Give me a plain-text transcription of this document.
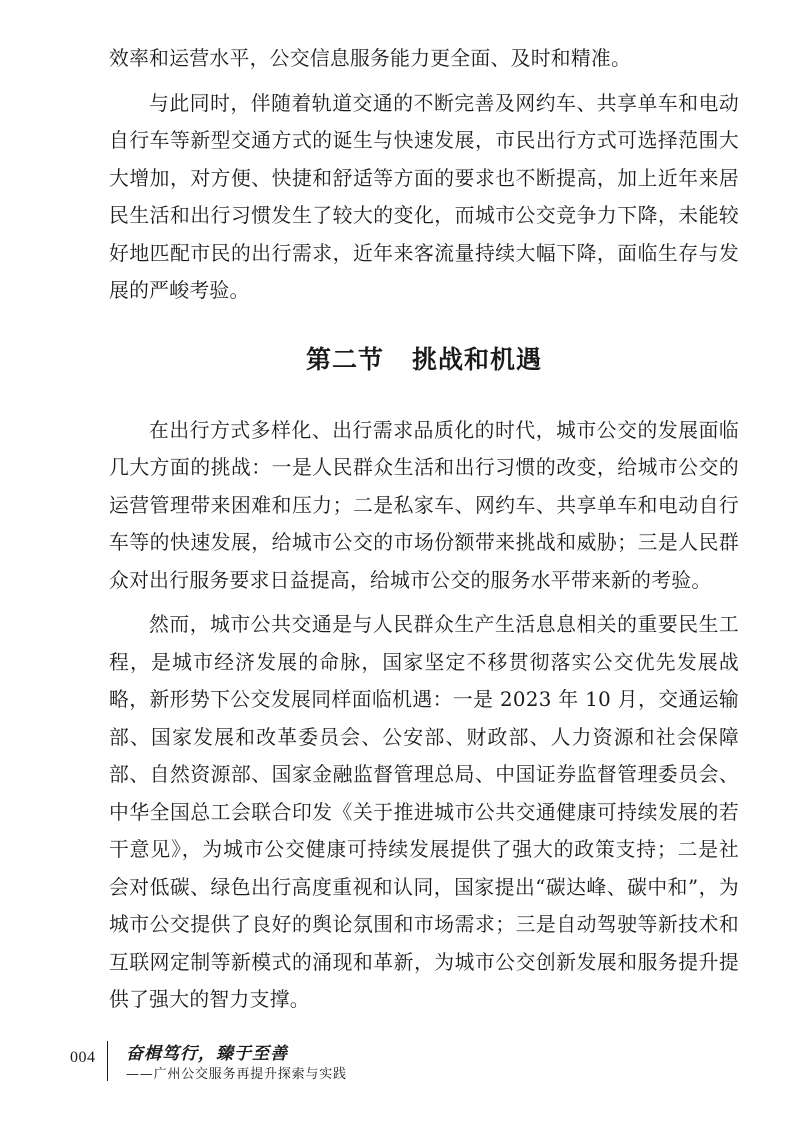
效率和运营水平，公交信息服务能力更全面、及时和精准。

与此同时，伴随着轨道交通的不断完善及网约车、共享单车和电动自行车等新型交通方式的诞生与快速发展，市民出行方式可选择范围大大增加，对方便、快捷和舒适等方面的要求也不断提高，加上近年来居民生活和出行习惯发生了较大的变化，而城市公交竞争力下降，未能较好地匹配市民的出行需求，近年来客流量持续大幅下降，面临生存与发展的严峻考验。

第二节 挑战和机遇

在出行方式多样化、出行需求品质化的时代，城市公交的发展面临几大方面的挑战：一是人民群众生活和出行习惯的改变，给城市公交的运营管理带来困难和压力；二是私家车、网约车、共享单车和电动自行车等的快速发展，给城市公交的市场份额带来挑战和威胁；三是人民群众对出行服务要求日益提高，给城市公交的服务水平带来新的考验。

然而，城市公共交通是与人民群众生产生活息息相关的重要民生工程，是城市经济发展的命脉，国家坚定不移贯彻落实公交优先发展战略，新形势下公交发展同样面临机遇：一是 2023 年 10 月，交通运输部、国家发展和改革委员会、公安部、财政部、人力资源和社会保障部、自然资源部、国家金融监督管理总局、中国证券监督管理委员会、中华全国总工会联合印发《关于推进城市公共交通健康可持续发展的若干意见》，为城市公交健康可持续发展提供了强大的政策支持；二是社会对低碳、绿色出行高度重视和认同，国家提出“碳达峰、碳中和”，为城市公交提供了良好的舆论氛围和市场需求；三是自动驾驶等新技术和互联网定制等新模式的涌现和革新，为城市公交创新发展和服务提升提供了强大的智力支撑。

004 奋楫笃行，臻于至善
——广州公交服务再提升探索与实践
